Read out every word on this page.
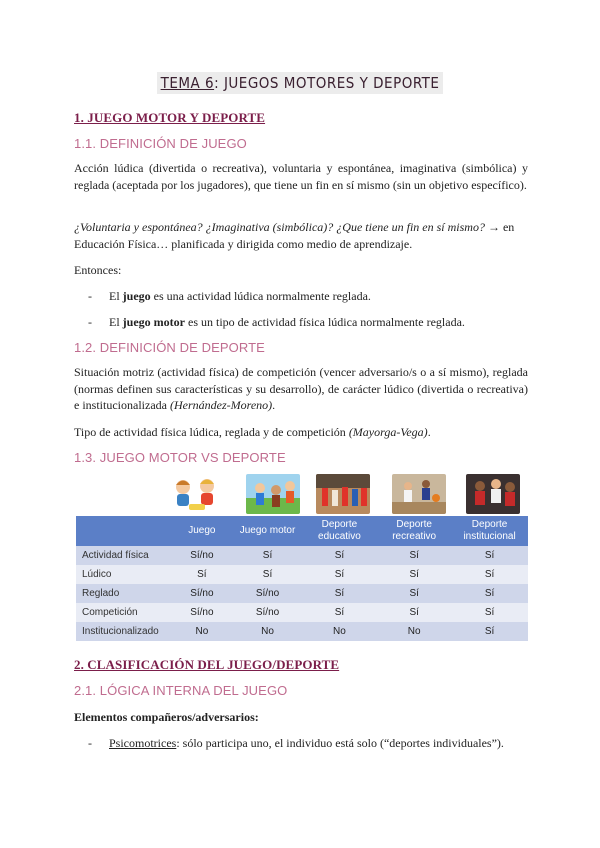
TEMA 6: JUEGOS MOTORES Y DEPORTE
1. JUEGO MOTOR Y DEPORTE
1.1. DEFINICIÓN DE JUEGO
Acción lúdica (divertida o recreativa), voluntaria y espontánea, imaginativa (simbólica) y reglada (aceptada por los jugadores), que tiene un fin en sí mismo (sin un objetivo específico).
¿Voluntaria y espontánea? ¿Imaginativa (simbólica)? ¿Que tiene un fin en sí mismo? → en Educación Física… planificada y dirigida como medio de aprendizaje.
Entonces:
- El juego es una actividad lúdica normalmente reglada.
- El juego motor es un tipo de actividad física lúdica normalmente reglada.
1.2. DEFINICIÓN DE DEPORTE
Situación motriz (actividad física) de competición (vencer adversario/s o a sí mismo), reglada (normas definen sus características y su desarrollo), de carácter lúdico (divertida o recreativa) e institucionalizada (Hernández-Moreno).
Tipo de actividad física lúdica, reglada y de competición (Mayorga-Vega).
1.3. JUEGO MOTOR VS DEPORTE
	Juego	Juego motor	Deporte educativo	Deporte recreativo	Deporte institucional
Actividad física	Sí/no	Sí	Sí	Sí	Sí
Lúdico	Sí	Sí	Sí	Sí	Sí
Reglado	Sí/no	Sí/no	Sí	Sí	Sí
Competición	Sí/no	Sí/no	Sí	Sí	Sí
Institucionalizado	No	No	No	No	Sí
2. CLASIFICACIÓN DEL JUEGO/DEPORTE
2.1. LÓGICA INTERNA DEL JUEGO
Elementos compañeros/adversarios:
- Psicomotrices: sólo participa uno, el individuo está solo (“deportes individuales”).
